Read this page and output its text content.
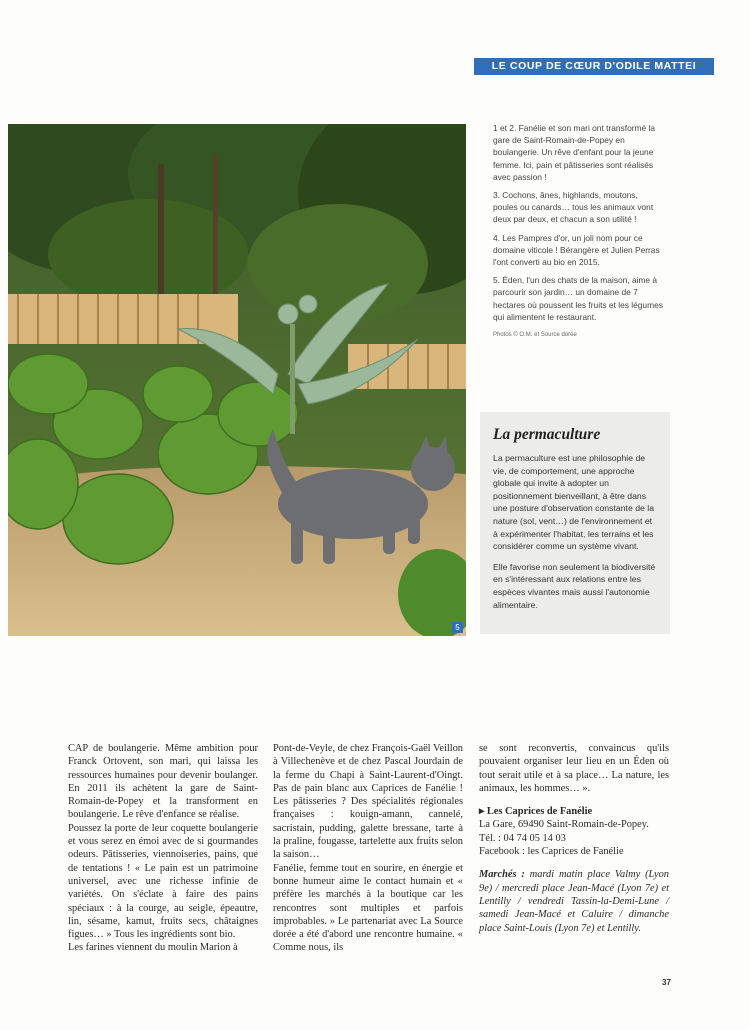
LE COUP DE CŒUR D'ODILE MATTEI
5

1 et 2. Fanélie et son mari ont transformé la gare de Saint-Romain-de-Popey en boulangerie. Un rêve d'enfant pour la jeune femme. Ici, pain et pâtisseries sont réalisés avec passion !

3. Cochons, ânes, highlands, moutons, poules ou canards… tous les animaux vont deux par deux, et chacun a son utilité !

4. Les Pampres d'or, un joli nom pour ce domaine viticole ! Bérangère et Julien Perras l'ont converti au bio en 2015.

5. Éden, l'un des chats de la maison, aime à parcourir son jardin… un domaine de 7 hectares où poussent les fruits et les légumes qui alimentent le restaurant.

Photos © O.M. et Source dorée
La permaculture

La permaculture est une philosophie de vie, de comportement, une approche globale qui invite à adopter un positionnement bienveillant, à être dans une posture d'observation constante de la nature (sol, vent…) de l'environnement et à expérimenter l'habitat, les terrains et les considérer comme un système vivant.

Elle favorise non seulement la biodiversité en s'intéressant aux relations entre les espèces vivantes mais aussi l'autonomie alimentaire.

CAP de boulangerie. Même ambition pour Franck Ortovent, son mari, qui laissa les ressources humaines pour devenir boulanger. En 2011 ils achètent la gare de Saint-Romain-de-Popey et la transforment en boulangerie. Le rêve d'enfance se réalise.

Poussez la porte de leur coquette boulangerie et vous serez en émoi avec de si gourmandes odeurs. Pâtisseries, viennoiseries, pains, que de tentations ! « Le pain est un patrimoine universel, avec une richesse infinie de variétés. On s'éclate à faire des pains spéciaux : à la courge, au seigle, épeautre, lin, sésame, kamut, fruits secs, châtaignes figues… » Tous les ingrédients sont bio.

Les farines viennent du moulin Marion à

Pont-de-Veyle, de chez François-Gaël Veillon à Villechenève et de chez Pascal Jourdain de la ferme du Chapi à Saint-Laurent-d'Oingt. Pas de pain blanc aux Caprices de Fanélie ! Les pâtisseries ? Des spécialités régionales françaises : kouign-amann, cannelé, sacristain, pudding, galette bressane, tarte à la praline, fougasse, tartelette aux fruits selon la saison…

Fanélie, femme tout en sourire, en énergie et bonne humeur aime le contact humain et « préfère les marchés à la boutique car les rencontres sont multiples et parfois improbables. » Le partenariat avec La Source dorée a été d'abord une rencontre humaine. « Comme nous, ils

se sont reconvertis, convaincus qu'ils pouvaient organiser leur lieu en un Éden où tout serait utile et à sa place… La nature, les animaux, les hommes… ».

▸ Les Caprices de Fanélie
La Gare, 69490 Saint-Romain-de-Popey.
Tél. : 04 74 05 14 03
Facebook : les Caprices de Fanélie

Marchés : mardi matin place Valmy (Lyon 9e) / mercredi place Jean-Macé (Lyon 7e) et Lentilly / vendredi Tassin-la-Demi-Lune / samedi Jean-Macé et Caluire / dimanche place Saint-Louis (Lyon 7e) et Lentilly.

37
